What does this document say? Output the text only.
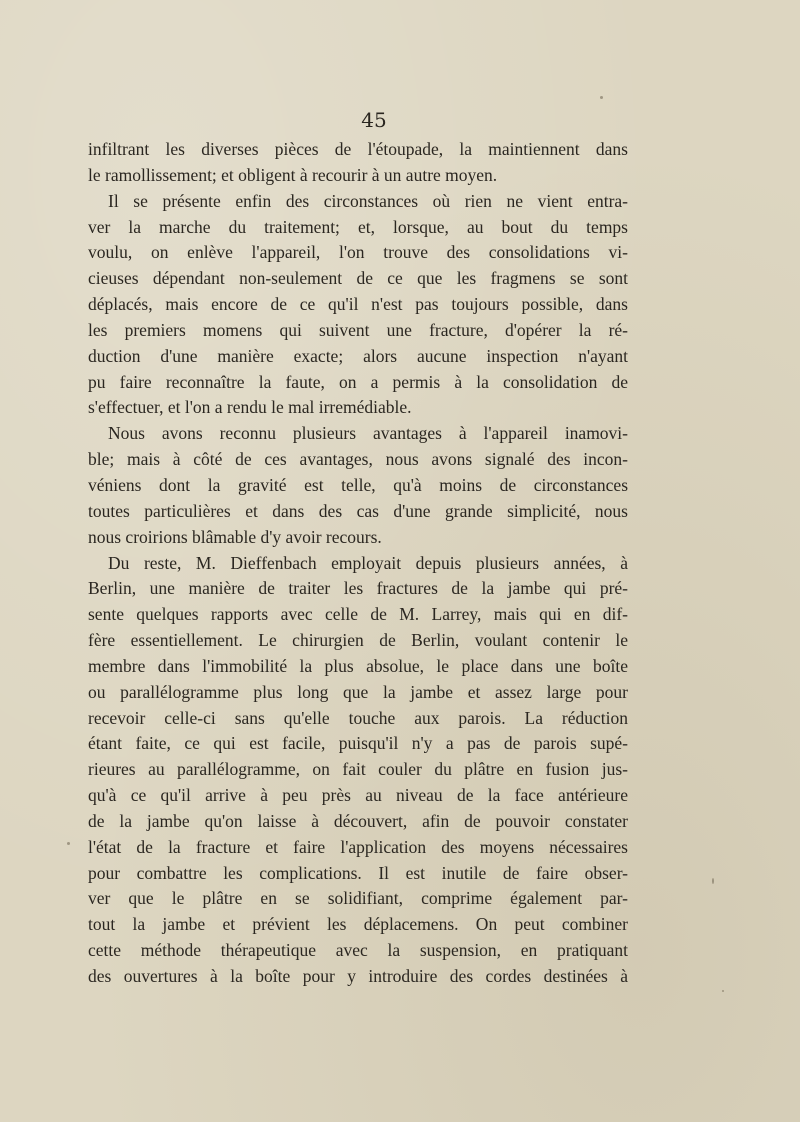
45
infiltrant les diverses pièces de l'étoupade, la maintiennent dans
le ramollissement; et obligent à recourir à un autre moyen.
Il se présente enfin des circonstances où rien ne vient entra-
ver la marche du traitement; et, lorsque, au bout du temps
voulu, on enlève l'appareil, l'on trouve des consolidations vi-
cieuses dépendant non-seulement de ce que les fragmens se sont
déplacés, mais encore de ce qu'il n'est pas toujours possible, dans
les premiers momens qui suivent une fracture, d'opérer la ré-
duction d'une manière exacte; alors aucune inspection n'ayant
pu faire reconnaître la faute, on a permis à la consolidation de
s'effectuer, et l'on a rendu le mal irremédiable.
Nous avons reconnu plusieurs avantages à l'appareil inamovi-
ble; mais à côté de ces avantages, nous avons signalé des incon-
véniens dont la gravité est telle, qu'à moins de circonstances
toutes particulières et dans des cas d'une grande simplicité, nous
nous croirions blâmable d'y avoir recours.
Du reste, M. Dieffenbach employait depuis plusieurs années, à
Berlin, une manière de traiter les fractures de la jambe qui pré-
sente quelques rapports avec celle de M. Larrey, mais qui en dif-
fère essentiellement. Le chirurgien de Berlin, voulant contenir le
membre dans l'immobilité la plus absolue, le place dans une boîte
ou parallélogramme plus long que la jambe et assez large pour
recevoir celle-ci sans qu'elle touche aux parois. La réduction
étant faite, ce qui est facile, puisqu'il n'y a pas de parois supé-
rieures au parallélogramme, on fait couler du plâtre en fusion jus-
qu'à ce qu'il arrive à peu près au niveau de la face antérieure
de la jambe qu'on laisse à découvert, afin de pouvoir constater
l'état de la fracture et faire l'application des moyens nécessaires
pour combattre les complications. Il est inutile de faire obser-
ver que le plâtre en se solidifiant, comprime également par-
tout la jambe et prévient les déplacemens. On peut combiner
cette méthode thérapeutique avec la suspension, en pratiquant
des ouvertures à la boîte pour y introduire des cordes destinées à
